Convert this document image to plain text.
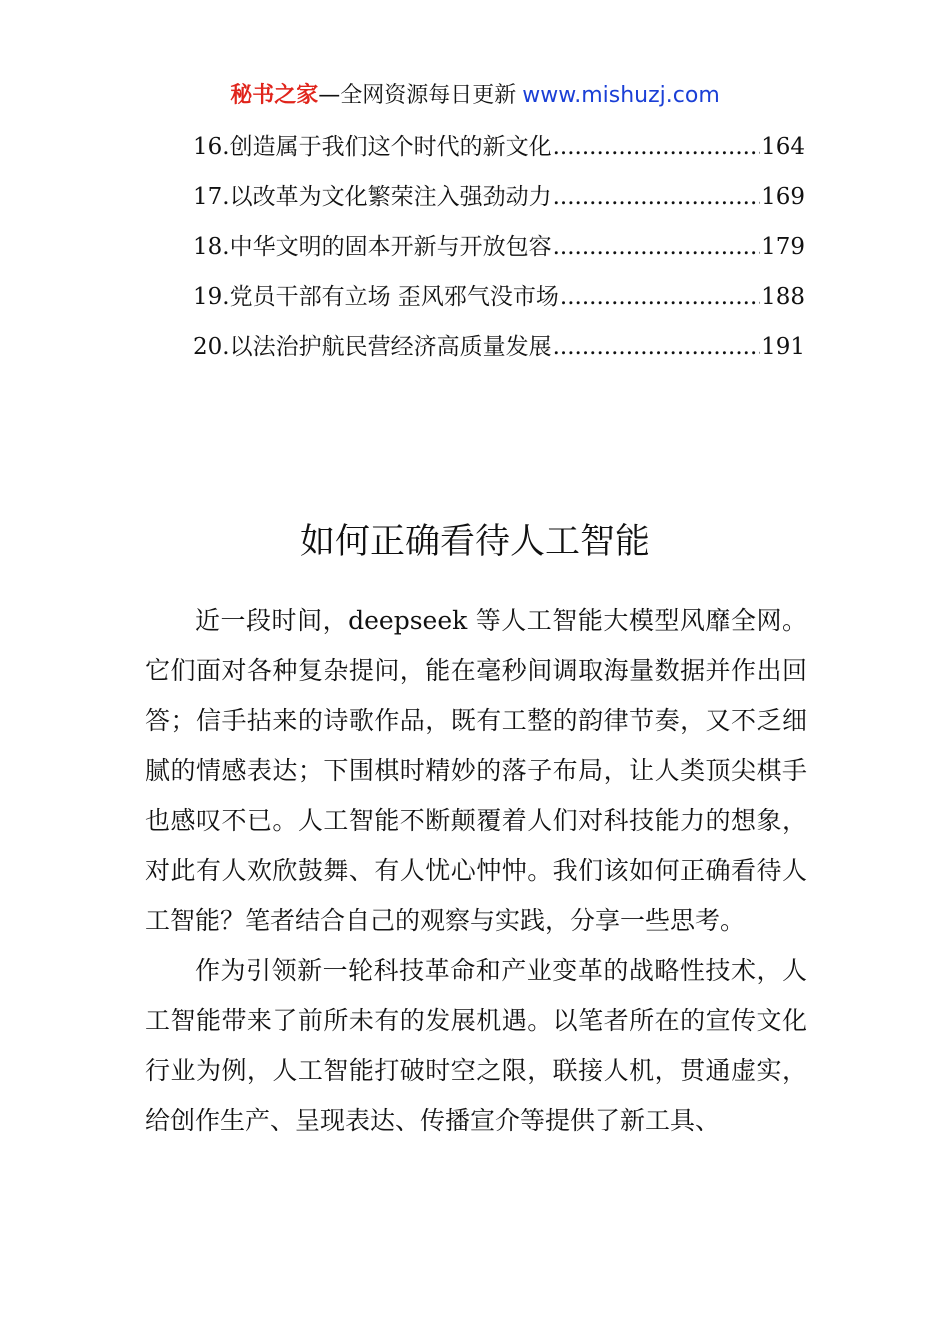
秘书之家—全网资源每日更新 www.mishuzj.com
16. 创造属于我们这个时代的新文化 .....	164
17. 以改革为文化繁荣注入强劲动力 .....	169
18. 中华文明的固本开新与开放包容 .....	179
19. 党员干部有立场 歪风邪气没市场 .....	188
20. 以法治护航民营经济高质量发展 .....	191
如何正确看待人工智能

近一段时间，deepseek 等人工智能大模型风靡全网。它们面对各种复杂提问，能在毫秒间调取海量数据并作出回答；信手拈来的诗歌作品，既有工整的韵律节奏，又不乏细腻的情感表达；下围棋时精妙的落子布局，让人类顶尖棋手也感叹不已。人工智能不断颠覆着人们对科技能力的想象，对此有人欢欣鼓舞、有人忧心忡忡。我们该如何正确看待人工智能？笔者结合自己的观察与实践，分享一些思考。

作为引领新一轮科技革命和产业变革的战略性技术，人工智能带来了前所未有的发展机遇。以笔者所在的宣传文化行业为例，人工智能打破时空之限，联接人机，贯通虚实，给创作生产、呈现表达、传播宣介等提供了新工具、
